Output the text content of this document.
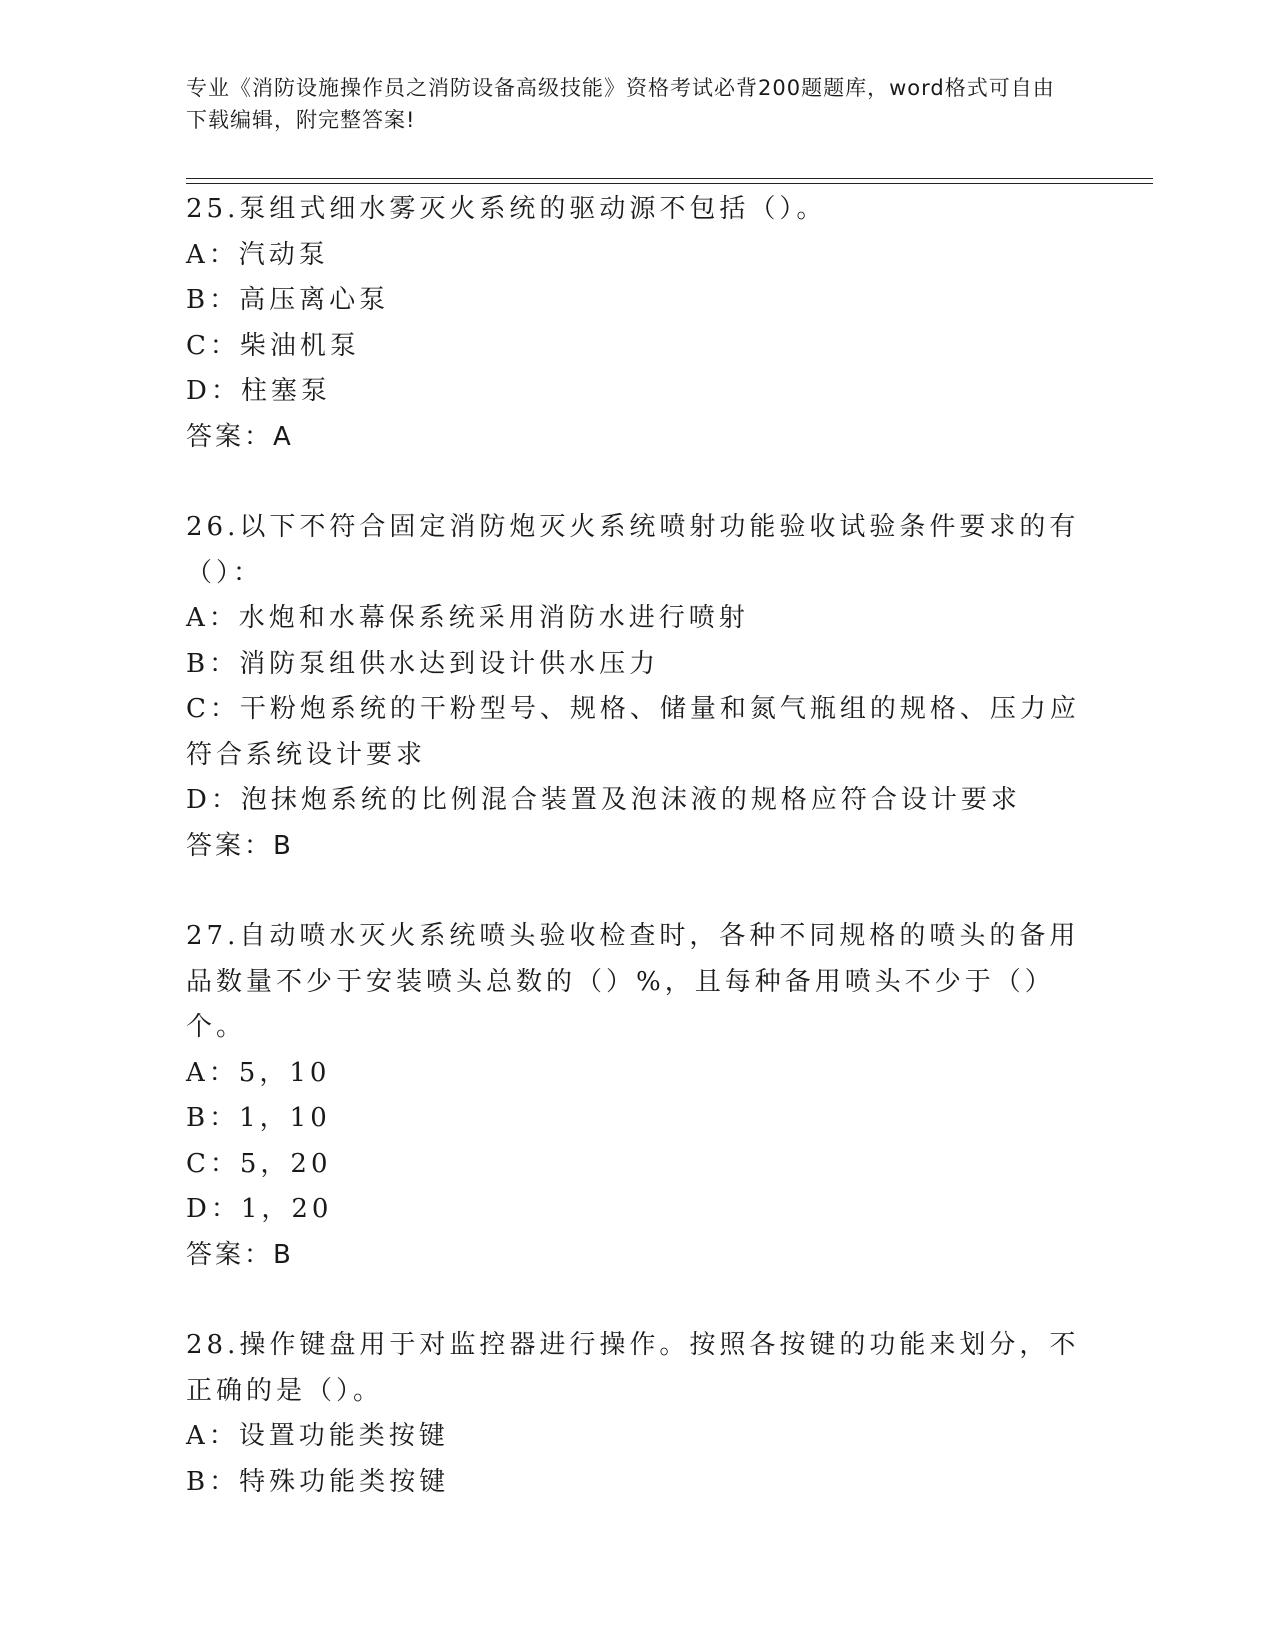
专业《消防设施操作员之消防设备高级技能》资格考试必背200题题库，word格式可自由下载编辑，附完整答案!

25.泵组式细水雾灭火系统的驱动源不包括（）。

A：汽动泵

B：高压离心泵

C：柴油机泵

D：柱塞泵

答案：A

26.以下不符合固定消防炮灭火系统喷射功能验收试验条件要求的有（）：

A：水炮和水幕保系统采用消防水进行喷射

B：消防泵组供水达到设计供水压力

C：干粉炮系统的干粉型号、规格、储量和氮气瓶组的规格、压力应符合系统设计要求

D：泡抹炮系统的比例混合装置及泡沫液的规格应符合设计要求

答案：B

27.自动喷水灭火系统喷头验收检查时，各种不同规格的喷头的备用品数量不少于安装喷头总数的（）%，且每种备用喷头不少于（）个。

A：5，10

B：1，10

C：5，20

D：1，20

答案：B

28.操作键盘用于对监控器进行操作。按照各按键的功能来划分，不正确的是（）。

A：设置功能类按键

B：特殊功能类按键
